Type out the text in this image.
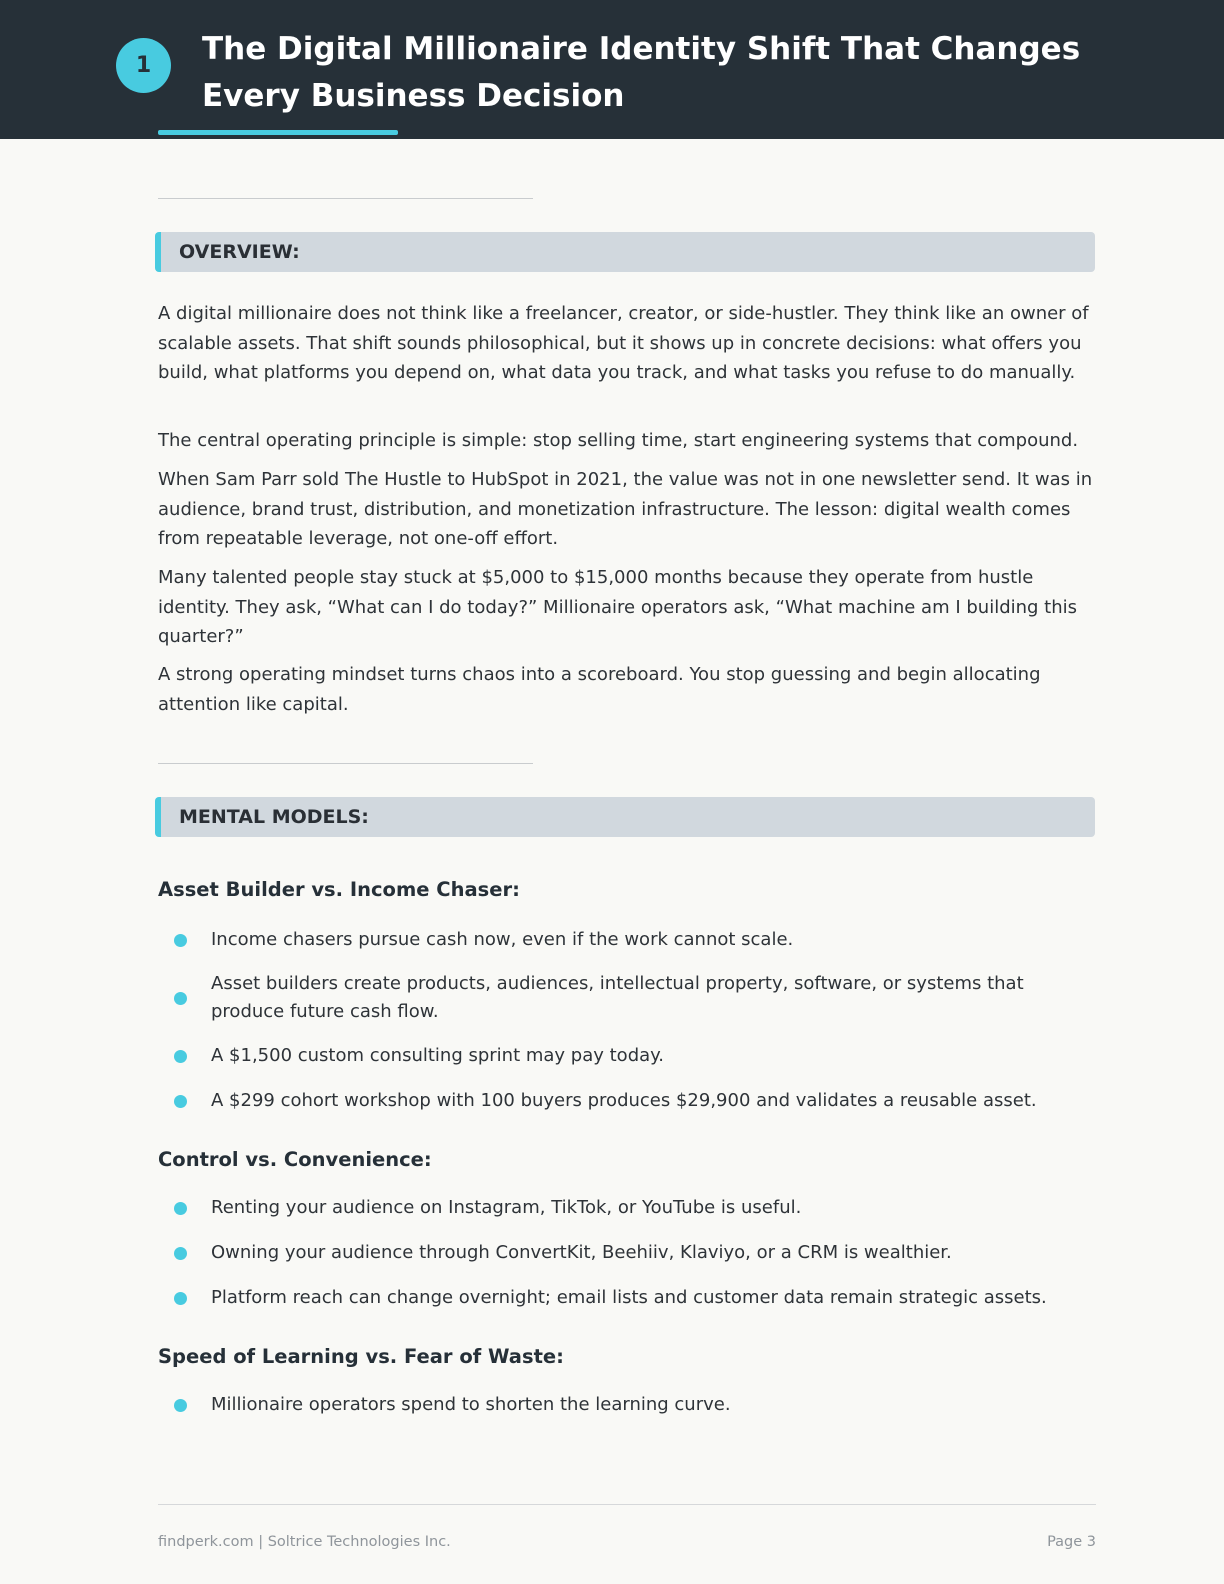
1	The Digital Millionaire Identity Shift That Changes Every Business Decision
OVERVIEW:

A digital millionaire does not think like a freelancer, creator, or side-hustler. They think like an owner of scalable assets. That shift sounds philosophical, but it shows up in concrete decisions: what offers you build, what platforms you depend on, what data you track, and what tasks you refuse to do manually.

The central operating principle is simple: stop selling time, start engineering systems that compound.

When Sam Parr sold The Hustle to HubSpot in 2021, the value was not in one newsletter send. It was in audience, brand trust, distribution, and monetization infrastructure. The lesson: digital wealth comes from repeatable leverage, not one-off effort.

Many talented people stay stuck at $5,000 to $15,000 months because they operate from hustle identity. They ask, “What can I do today?” Millionaire operators ask, “What machine am I building this quarter?”

A strong operating mindset turns chaos into a scoreboard. You stop guessing and begin allocating attention like capital.

MENTAL MODELS:
Asset Builder vs. Income Chaser:
Income chasers pursue cash now, even if the work cannot scale.
Asset builders create products, audiences, intellectual property, software, or systems that produce future cash flow.
A $1,500 custom consulting sprint may pay today.
A $299 cohort workshop with 100 buyers produces $29,900 and validates a reusable asset.
Control vs. Convenience:
Renting your audience on Instagram, TikTok, or YouTube is useful.
Owning your audience through ConvertKit, Beehiiv, Klaviyo, or a CRM is wealthier.
Platform reach can change overnight; email lists and customer data remain strategic assets.
Speed of Learning vs. Fear of Waste:
Millionaire operators spend to shorten the learning curve.
findperk.com | Soltrice Technologies Inc.	Page 3
